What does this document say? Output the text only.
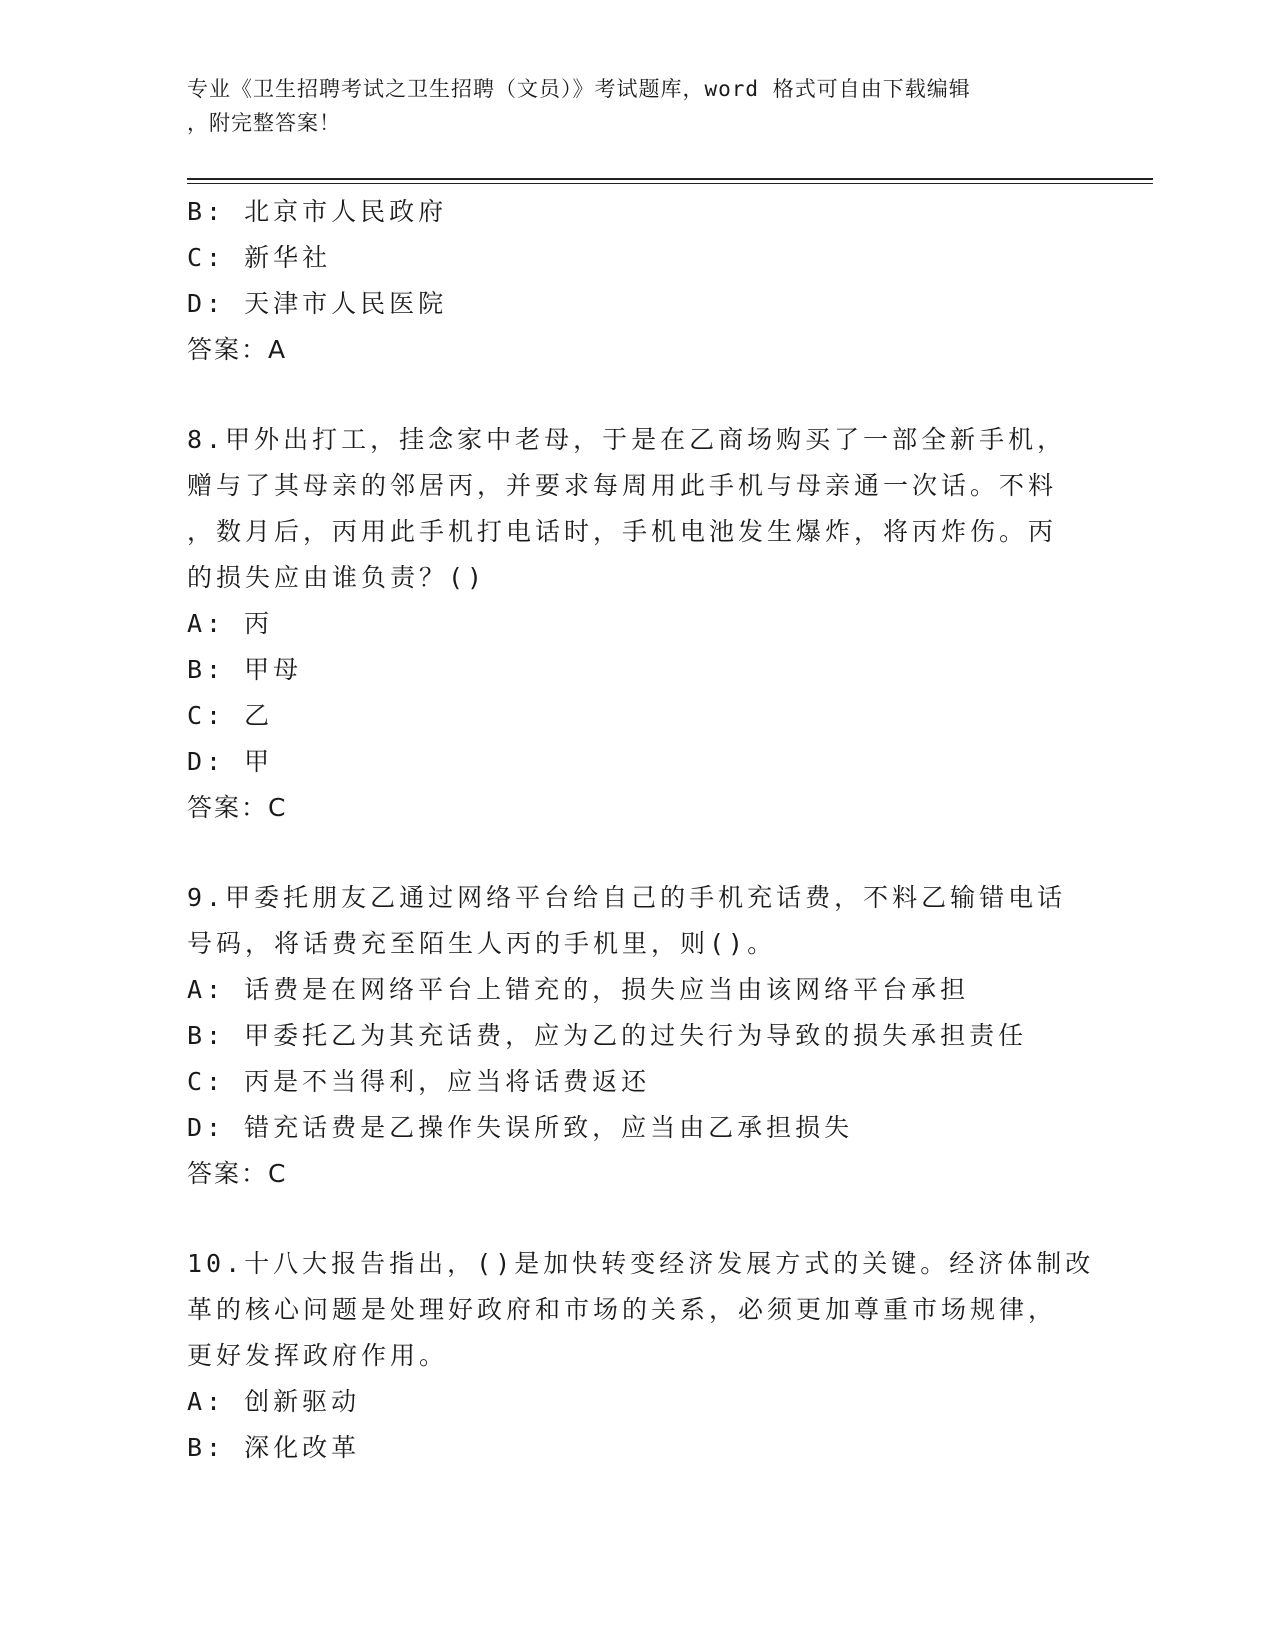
专业《卫生招聘考试之卫生招聘（文员）》考试题库，word 格式可自由下载编辑
，附完整答案！
B: 北京市人民政府
C: 新华社
D: 天津市人民医院
答案：A
8.甲外出打工，挂念家中老母，于是在乙商场购买了一部全新手机，
赠与了其母亲的邻居丙，并要求每周用此手机与母亲通一次话。不料
，数月后，丙用此手机打电话时，手机电池发生爆炸，将丙炸伤。丙
的损失应由谁负责？()
A: 丙
B: 甲母
C: 乙
D: 甲
答案：C
9.甲委托朋友乙通过网络平台给自己的手机充话费，不料乙输错电话
号码，将话费充至陌生人丙的手机里，则()。
A: 话费是在网络平台上错充的，损失应当由该网络平台承担
B: 甲委托乙为其充话费，应为乙的过失行为导致的损失承担责任
C: 丙是不当得利，应当将话费返还
D: 错充话费是乙操作失误所致，应当由乙承担损失
答案：C
10.十八大报告指出，()是加快转变经济发展方式的关键。经济体制改
革的核心问题是处理好政府和市场的关系，必须更加尊重市场规律，
更好发挥政府作用。
A: 创新驱动
B: 深化改革
